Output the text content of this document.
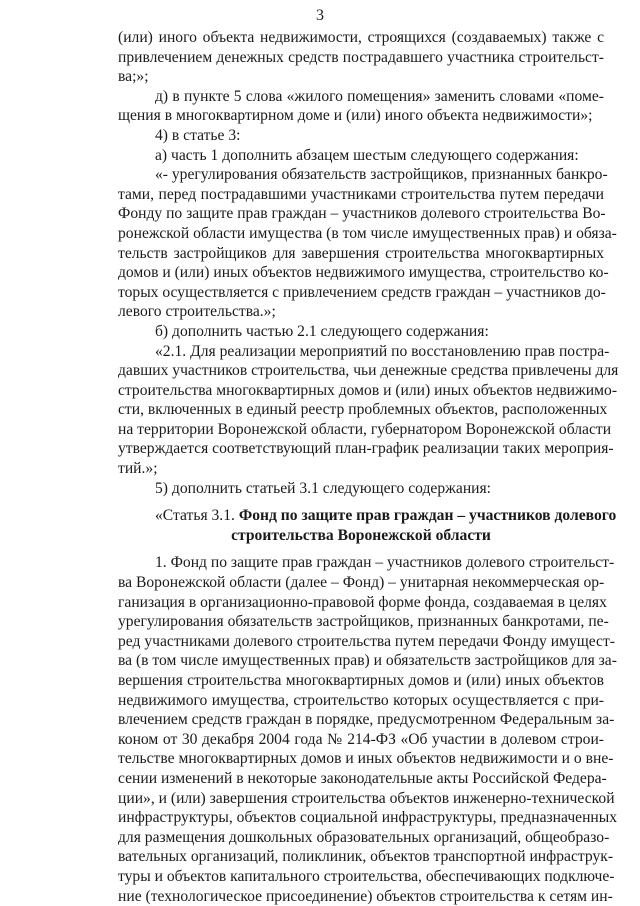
3
(или) иного объекта недвижимости, строящихся (создаваемых) также с
привлечением денежных средств пострадавшего участника строительст-
ва;»;
д) в пункте 5 слова «жилого помещения» заменить словами «поме-
щения в многоквартирном доме и (или) иного объекта недвижимости»;
4) в статье 3:
а) часть 1 дополнить абзацем шестым следующего содержания:
«- урегулирования обязательств застройщиков, признанных банкро-
тами, перед пострадавшими участниками строительства путем передачи
Фонду по защите прав граждан – участников долевого строительства Во-
ронежской области имущества (в том числе имущественных прав) и обяза-
тельств застройщиков для завершения строительства многоквартирных
домов и (или) иных объектов недвижимого имущества, строительство ко-
торых осуществляется с привлечением средств граждан – участников до-
левого строительства.»;
б) дополнить частью 2.1 следующего содержания:
«2.1. Для реализации мероприятий по восстановлению прав постра-
давших участников строительства, чьи денежные средства привлечены для
строительства многоквартирных домов и (или) иных объектов недвижимо-
сти, включенных в единый реестр проблемных объектов, расположенных
на территории Воронежской области, губернатором Воронежской области
утверждается соответствующий план-график реализации таких мероприя-
тий.»;
5) дополнить статьей 3.1 следующего содержания:
«Статья 3.1. Фонд по защите прав граждан – участников долевого
строительства Воронежской области
1. Фонд по защите прав граждан – участников долевого строительст-
ва Воронежской области (далее – Фонд) – унитарная некоммерческая ор-
ганизация в организационно-правовой форме фонда, создаваемая в целях
урегулирования обязательств застройщиков, признанных банкротами, пе-
ред участниками долевого строительства путем передачи Фонду имущест-
ва (в том числе имущественных прав) и обязательств застройщиков для за-
вершения строительства многоквартирных домов и (или) иных объектов
недвижимого имущества, строительство которых осуществляется с при-
влечением средств граждан в порядке, предусмотренном Федеральным за-
коном от 30 декабря 2004 года № 214-ФЗ «Об участии в долевом строи-
тельстве многоквартирных домов и иных объектов недвижимости и о вне-
сении изменений в некоторые законодательные акты Российской Федера-
ции», и (или) завершения строительства объектов инженерно-технической
инфраструктуры, объектов социальной инфраструктуры, предназначенных
для размещения дошкольных образовательных организаций, общеобразо-
вательных организаций, поликлиник, объектов транспортной инфраструк-
туры и объектов капитального строительства, обеспечивающих подключе-
ние (технологическое присоединение) объектов строительства к сетям ин-
